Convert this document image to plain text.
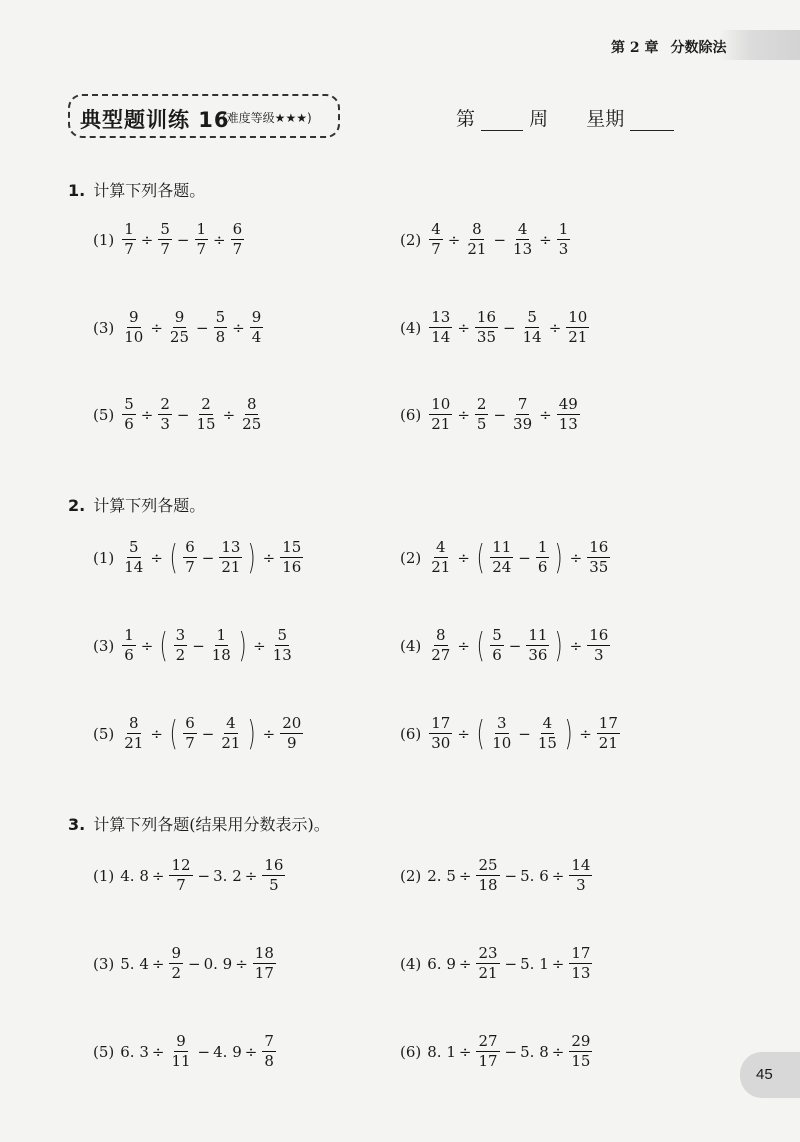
第 2 章 分数除法
典型题训练 16
(难度等级★★★)	第	周 星期
1. 计算下列各题。
$(1) \frac{1}{7} \div \frac{5}{7} - \frac{1}{7} \div \frac{6}{7}$	$(2) \frac{4}{7} \div \frac{8}{21} - \frac{4}{13} \div \frac{1}{3}$
$(3) \frac{9}{10} \div \frac{9}{25} - \frac{5}{8} \div \frac{9}{4}$	$(4) \frac{13}{14} \div \frac{16}{35} - \frac{5}{14} \div \frac{10}{21}$
$(5) \frac{5}{6} \div \frac{2}{3} - \frac{2}{15} \div \frac{8}{25}$	$(6) \frac{10}{21} \div \frac{2}{5} - \frac{7}{39} \div \frac{49}{13}$
2. 计算下列各题。
$(1) \frac{5}{14}$ ÷ ( $\frac{6}{7} - \frac{13}{21}$ ) ÷ $\frac{15}{16}$	$(2) \frac{4}{21}$ ÷ ( $\frac{11}{24} - \frac{1}{6}$ ) ÷ $\frac{16}{35}$
$(3) \frac{1}{6}$ ÷ ( $\frac{3}{2} - \frac{1}{18}$ ) ÷ $\frac{5}{13}$	$(4) \frac{8}{27}$ ÷ ( $\frac{5}{6} - \frac{11}{36}$ ) ÷ $\frac{16}{3}$
$(5) \frac{8}{21}$ ÷ ( $\frac{6}{7} - \frac{4}{21}$ ) ÷ $\frac{20}{9}$	$(6) \frac{17}{30}$ ÷ ( $\frac{3}{10} - \frac{4}{15}$ ) ÷ $\frac{17}{21}$
3. 计算下列各题(结果用分数表示)。
(1) 4. $8 \div \frac{12}{7} - 3$. $2 \div \frac{16}{5}$	(2) 2. $5 \div \frac{25}{18} - 5$. $6 \div \frac{14}{3}$
(3) 5. $4 \div \frac{9}{2} - 0$. $9 \div \frac{18}{17}$	(4) 6. $9 \div \frac{23}{21} - 5$. $1 \div \frac{17}{13}$
(5) 6. $3 \div \frac{9}{11} - 4$. $9 \div \frac{7}{8}$	(6) 8. $1 \div \frac{27}{17} - 5$. $8 \div \frac{29}{15}$
45
